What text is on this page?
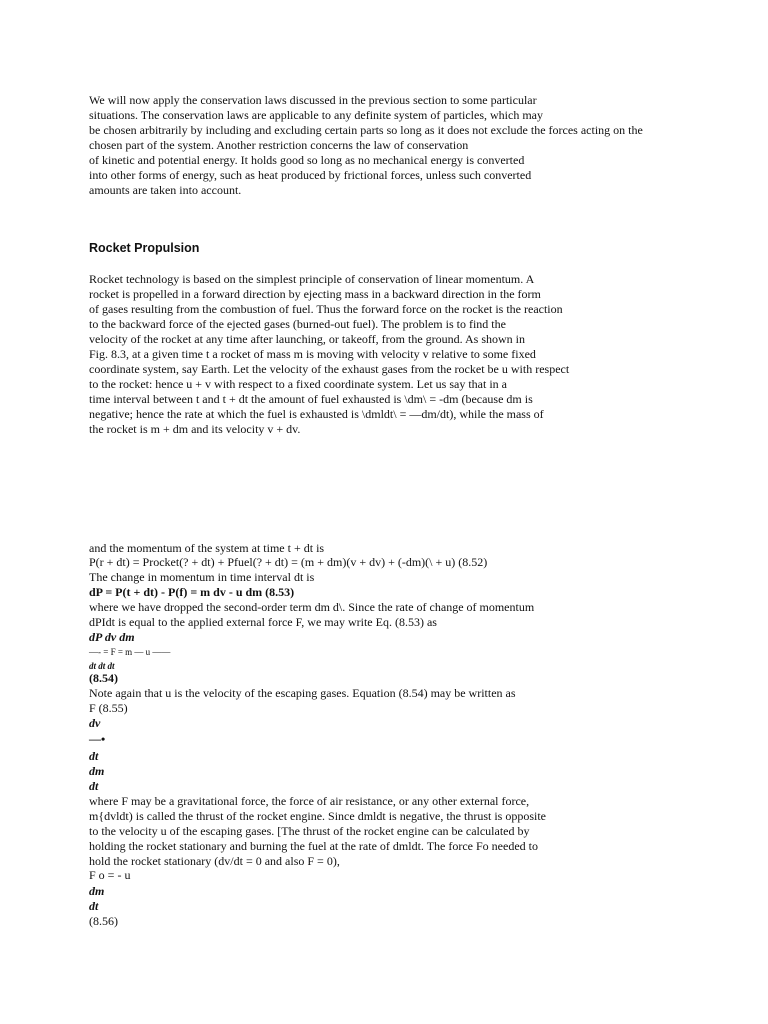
We will now apply the conservation laws discussed in the previous section to some particular
situations. The conservation laws are applicable to any definite system of particles, which may
be chosen arbitrarily by including and excluding certain parts so long as it does not exclude the forces acting on the
chosen part of the system. Another restriction concerns the law of conservation
of kinetic and potential energy. It holds good so long as no mechanical energy is converted
into other forms of energy, such as heat produced by frictional forces, unless such converted
amounts are taken into account.
Rocket Propulsion
Rocket technology is based on the simplest principle of conservation of linear momentum. A
rocket is propelled in a forward direction by ejecting mass in a backward direction in the form
of gases resulting from the combustion of fuel. Thus the forward force on the rocket is the reaction
to the backward force of the ejected gases (burned-out fuel). The problem is to find the
velocity of the rocket at any time after launching, or takeoff, from the ground. As shown in
Fig. 8.3, at a given time t a rocket of mass m is moving with velocity v relative to some fixed
coordinate system, say Earth. Let the velocity of the exhaust gases from the rocket be u with respect
to the rocket: hence u + v with respect to a fixed coordinate system. Let us say that in a
time interval between t and t + dt the amount of fuel exhausted is \dm\ = -dm (because dm is
negative; hence the rate at which the fuel is exhausted is \dmldt\ = —dm/dt), while the mass of
the rocket is m + dm and its velocity v + dv.
and the momentum of the system at time t + dt is
P(r + dt) = Procket(? + dt) + Pfuel(? + dt) = (m + dm)(v + dv) + (-dm)(\ + u) (8.52)
The change in momentum in time interval dt is
dP = P(t + dt) - P(f) = m dv - u dm (8.53)
where we have dropped the second-order term dm d\. Since the rate of change of momentum
dPIdt is equal to the applied external force F, we may write Eq. (8.53) as
dP dv dm
—- = F = m — u ——
dt dt dt
(8.54)
Note again that u is the velocity of the escaping gases. Equation (8.54) may be written as
F (8.55)
dv
—•
dt
dm
dt
where F may be a gravitational force, the force of air resistance, or any other external force,
m{dvldt) is called the thrust of the rocket engine. Since dmldt is negative, the thrust is opposite
to the velocity u of the escaping gases. [The thrust of the rocket engine can be calculated by
holding the rocket stationary and burning the fuel at the rate of dmldt. The force Fo needed to
hold the rocket stationary (dv/dt = 0 and also F = 0),
F o = - u
dm
dt
(8.56)
